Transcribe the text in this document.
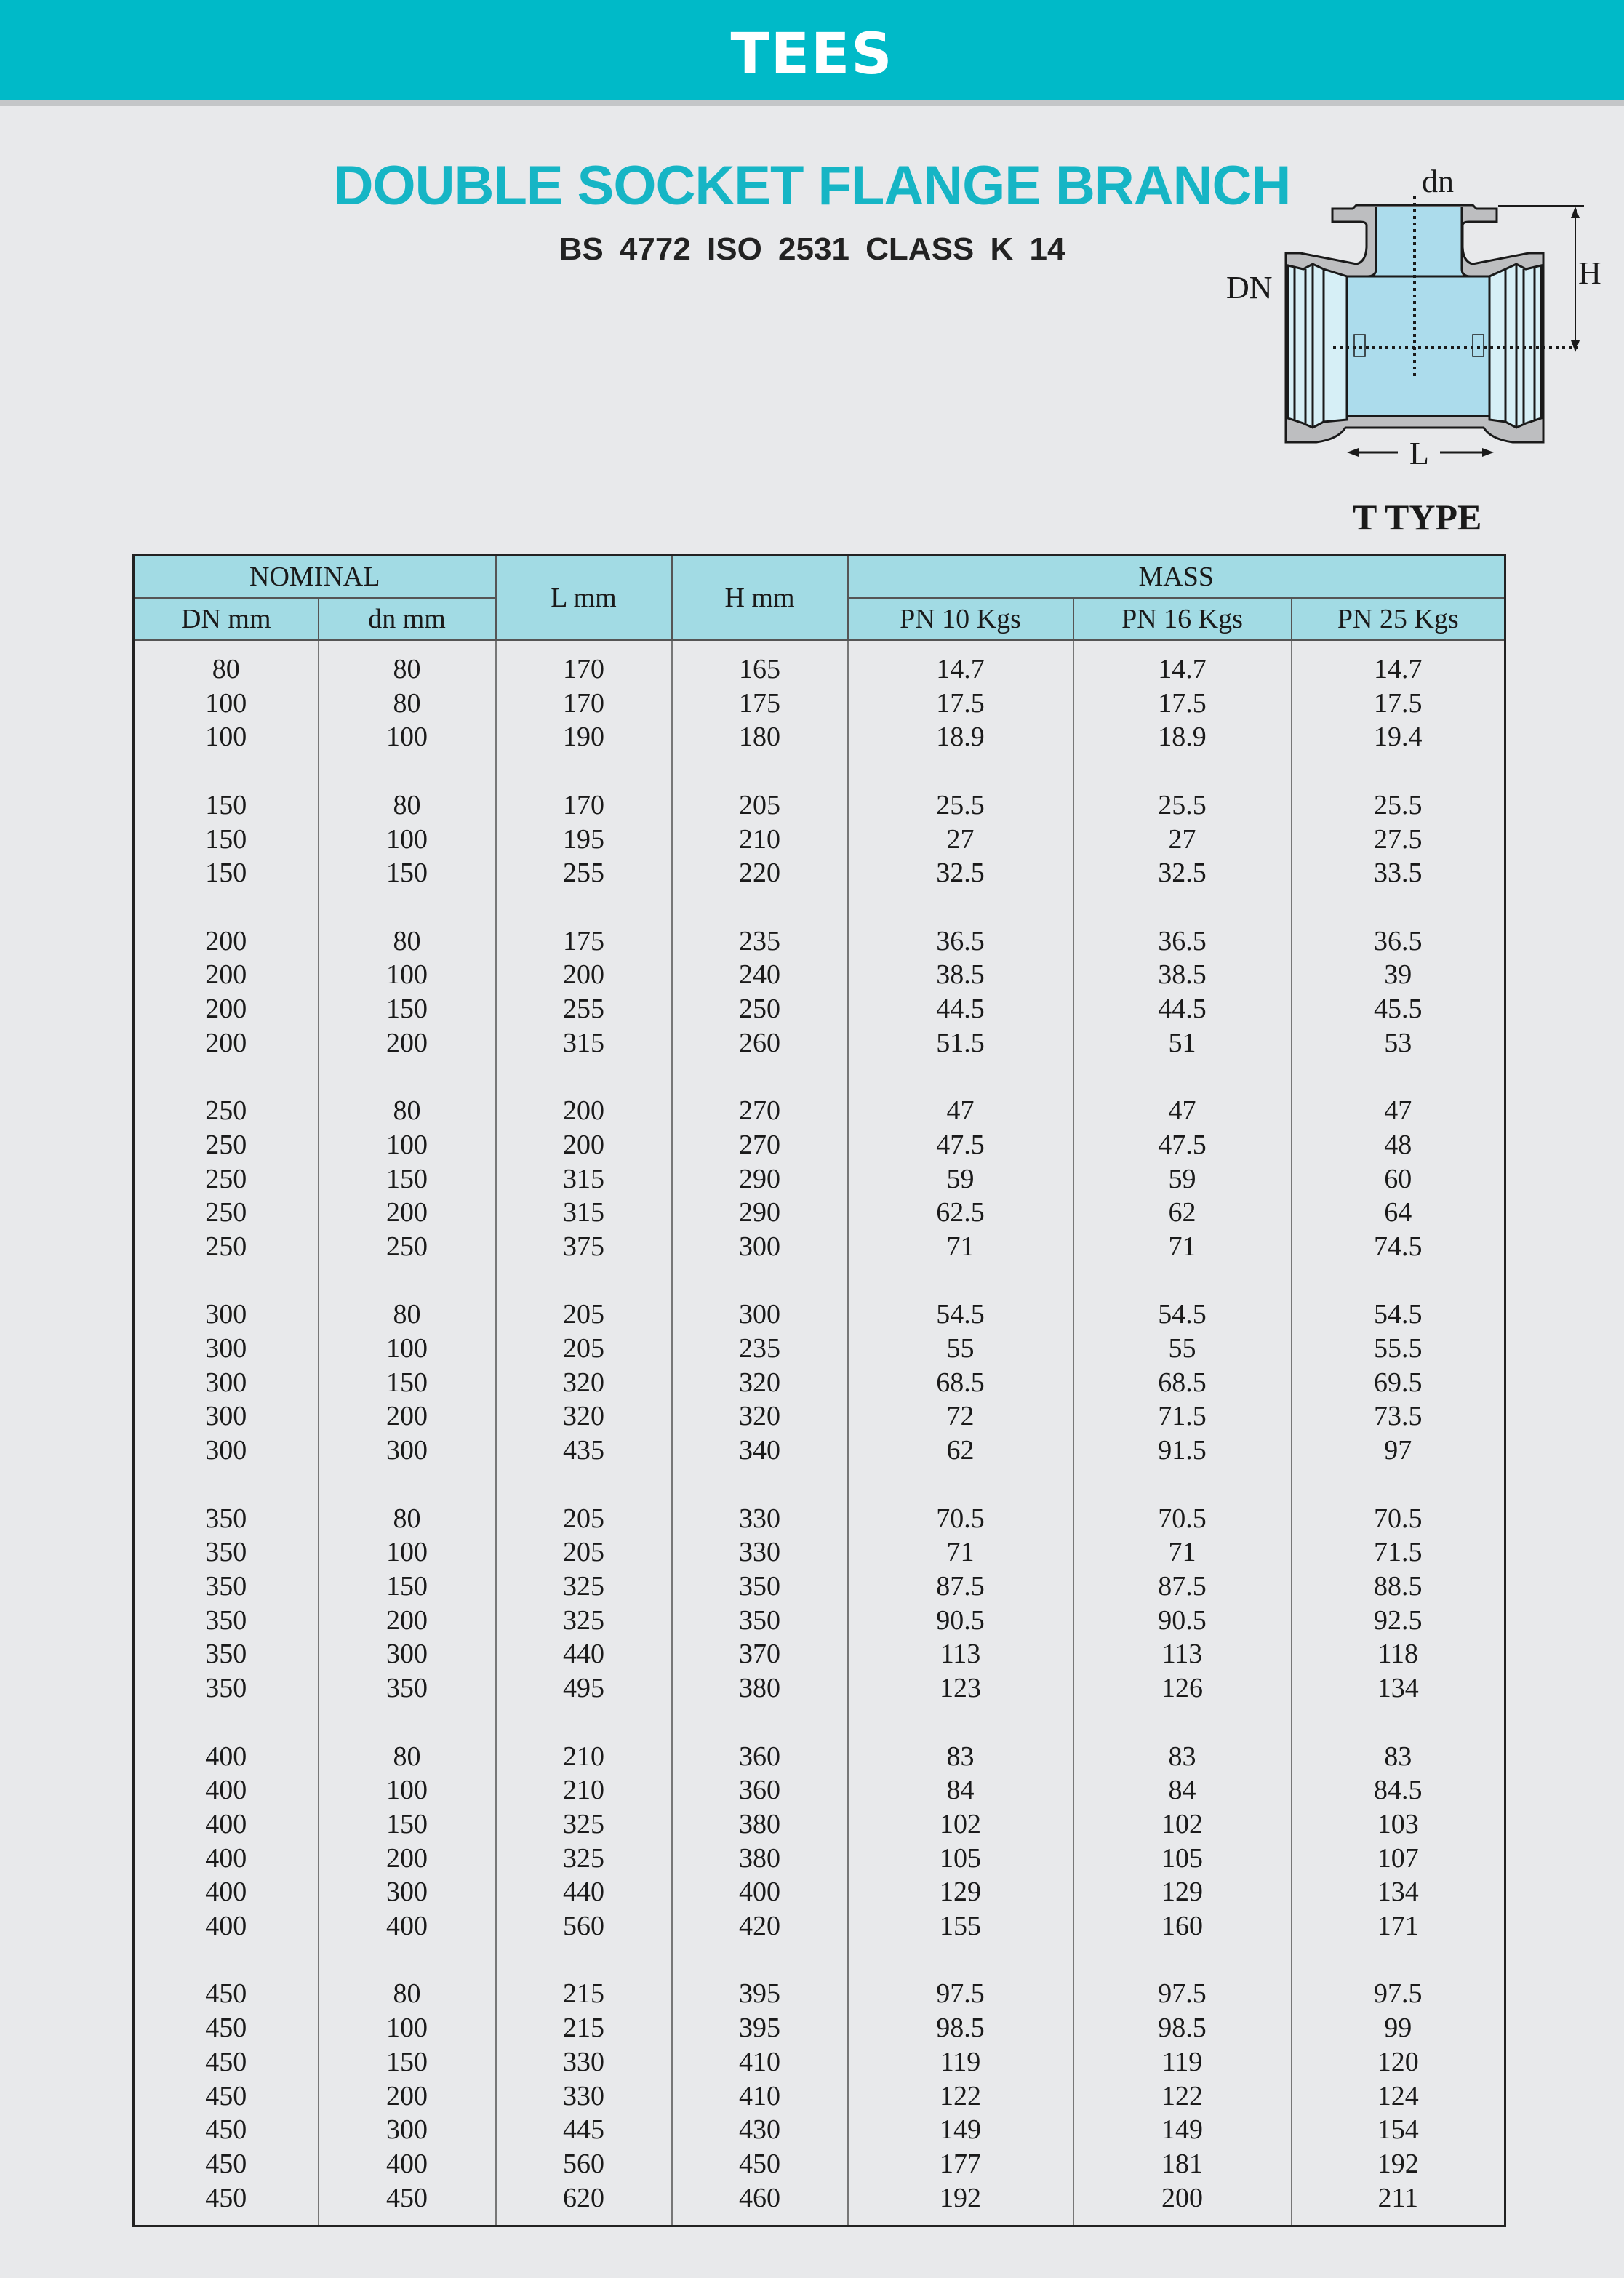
TEES
DOUBLE SOCKET FLANGE BRANCH
BS 4772 ISO 2531 CLASS K 14
dn
DN	H
L
T TYPE
NOMINAL		L mm	H mm	MASS		
DN mm	dn mm			PN 10 Kgs	PN 16 Kgs	PN 25 Kgs
80	80	170	165	14.7	14.7	14.7
100	80	170	175	17.5	17.5	17.5
100	100	190	180	18.9	18.9	19.4

150	80	170	205	25.5	25.5	25.5
150	100	195	210	27	27	27.5
150	150	255	220	32.5	32.5	33.5

200	80	175	235	36.5	36.5	36.5
200	100	200	240	38.5	38.5	39
200	150	255	250	44.5	44.5	45.5
200	200	315	260	51.5	51	53

250	80	200	270	47	47	47
250	100	200	270	47.5	47.5	48
250	150	315	290	59	59	60
250	200	315	290	62.5	62	64
250	250	375	300	71	71	74.5

300	80	205	300	54.5	54.5	54.5
300	100	205	235	55	55	55.5
300	150	320	320	68.5	68.5	69.5
300	200	320	320	72	71.5	73.5
300	300	435	340	62	91.5	97

350	80	205	330	70.5	70.5	70.5
350	100	205	330	71	71	71.5
350	150	325	350	87.5	87.5	88.5
350	200	325	350	90.5	90.5	92.5
350	300	440	370	113	113	118
350	350	495	380	123	126	134

400	80	210	360	83	83	83
400	100	210	360	84	84	84.5
400	150	325	380	102	102	103
400	200	325	380	105	105	107
400	300	440	400	129	129	134
400	400	560	420	155	160	171

450	80	215	395	97.5	97.5	97.5
450	100	215	395	98.5	98.5	99
450	150	330	410	119	119	120
450	200	330	410	122	122	124
450	300	445	430	149	149	154
450	400	560	450	177	181	192
450	450	620	460	192	200	211
